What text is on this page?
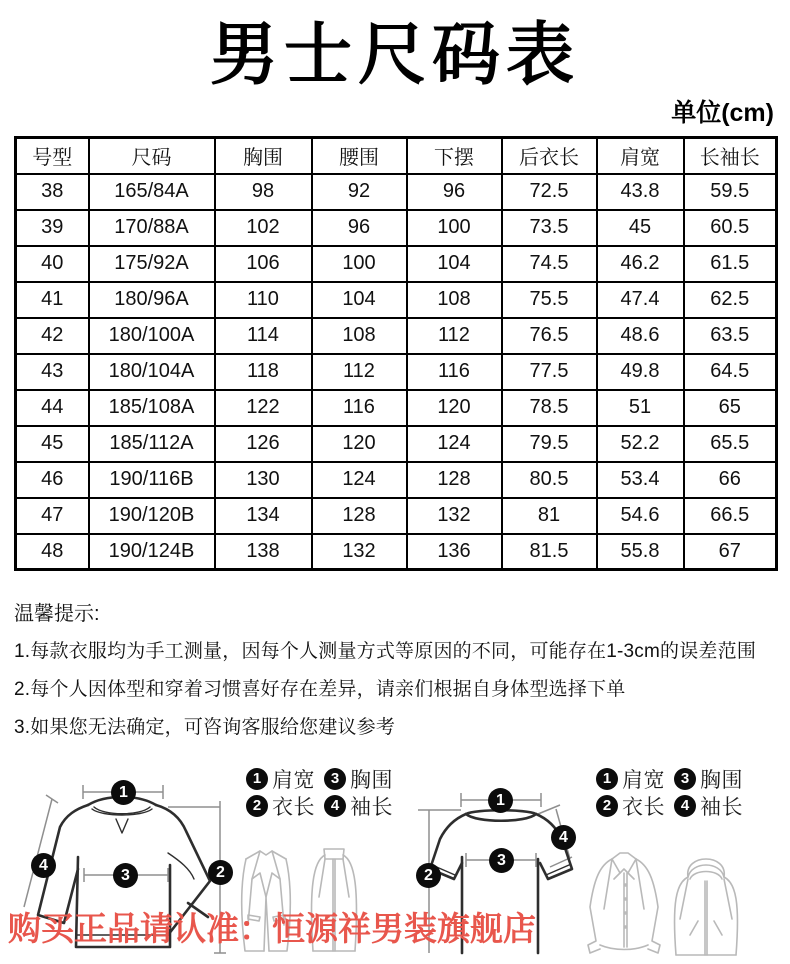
男士尺码表
单位(cm)
号型	尺码	胸围	腰围	下摆	后衣长	肩宽	长袖长
38	165/84A	98	92	96	72.5	43.8	59.5
39	170/88A	102	96	100	73.5	45	60.5
40	175/92A	106	100	104	74.5	46.2	61.5
41	180/96A	110	104	108	75.5	47.4	62.5
42	180/100A	114	108	112	76.5	48.6	63.5
43	180/104A	118	112	116	77.5	49.8	64.5
44	185/108A	122	116	120	78.5	51	65
45	185/112A	126	120	124	79.5	52.2	65.5
46	190/116B	130	124	128	80.5	53.4	66
47	190/120B	134	128	132	81	54.6	66.5
48	190/124B	138	132	136	81.5	55.8	67
温馨提示:
1.每款衣服均为手工测量，因每个人测量方式等原因的不同，可能存在1-3cm的误差范围
2.每个人因体型和穿着习惯喜好存在差异，请亲们根据自身体型选择下单
3.如果您无法确定，可咨询客服给您建议参考
1
2
3
4
1 肩宽	3 胸围
2 衣长	4 袖长	1
2
3
4
1 肩宽	3 胸围
2 衣长	4 袖长
购买正品请认准：恒源祥男装旗舰店
